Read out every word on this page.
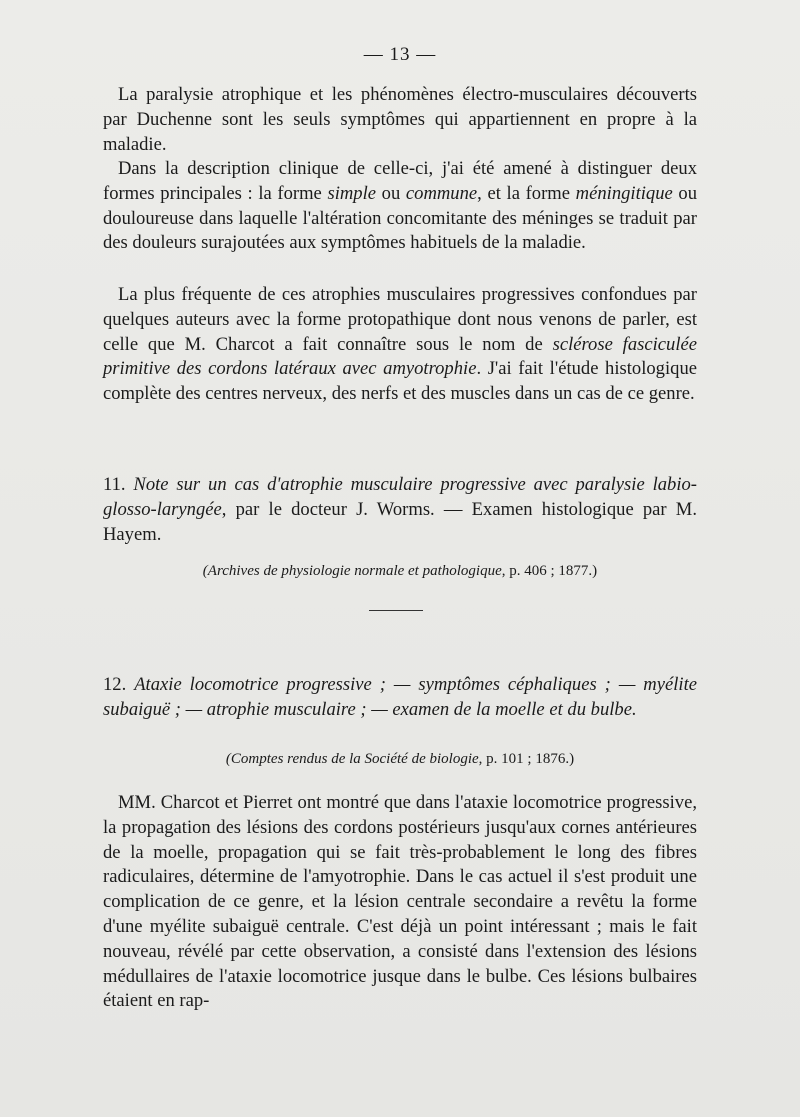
— 13 —

La paralysie atrophique et les phénomènes électro-musculaires découverts par Duchenne sont les seuls symptômes qui appartiennent en propre à la maladie.

Dans la description clinique de celle-ci, j'ai été amené à distinguer deux formes principales : la forme simple ou commune, et la forme méningitique ou douloureuse dans laquelle l'altération concomitante des méninges se traduit par des douleurs surajoutées aux symptômes habituels de la maladie.

La plus fréquente de ces atrophies musculaires progressives confondues par quelques auteurs avec la forme protopathique dont nous venons de parler, est celle que M. Charcot a fait connaître sous le nom de sclérose fasciculée primitive des cordons latéraux avec amyotrophie. J'ai fait l'étude histologique complète des centres nerveux, des nerfs et des muscles dans un cas de ce genre.

11. Note sur un cas d'atrophie musculaire progressive avec paralysie labio-glosso-laryngée, par le docteur J. Worms. — Examen histologique par M. Hayem.

(Archives de physiologie normale et pathologique, p. 406 ; 1877.)

12. Ataxie locomotrice progressive ; — symptômes céphaliques ; — myélite subaiguë ; — atrophie musculaire ; — examen de la moelle et du bulbe.

(Comptes rendus de la Société de biologie, p. 101 ; 1876.)

MM. Charcot et Pierret ont montré que dans l'ataxie locomotrice progressive, la propagation des lésions des cordons postérieurs jusqu'aux cornes antérieures de la moelle, propagation qui se fait très-probablement le long des fibres radiculaires, détermine de l'amyotrophie. Dans le cas actuel il s'est produit une complication de ce genre, et la lésion centrale secondaire a revêtu la forme d'une myélite subaiguë centrale. C'est déjà un point intéressant ; mais le fait nouveau, révélé par cette observation, a consisté dans l'extension des lésions médullaires de l'ataxie locomotrice jusque dans le bulbe. Ces lésions bulbaires étaient en rap-
